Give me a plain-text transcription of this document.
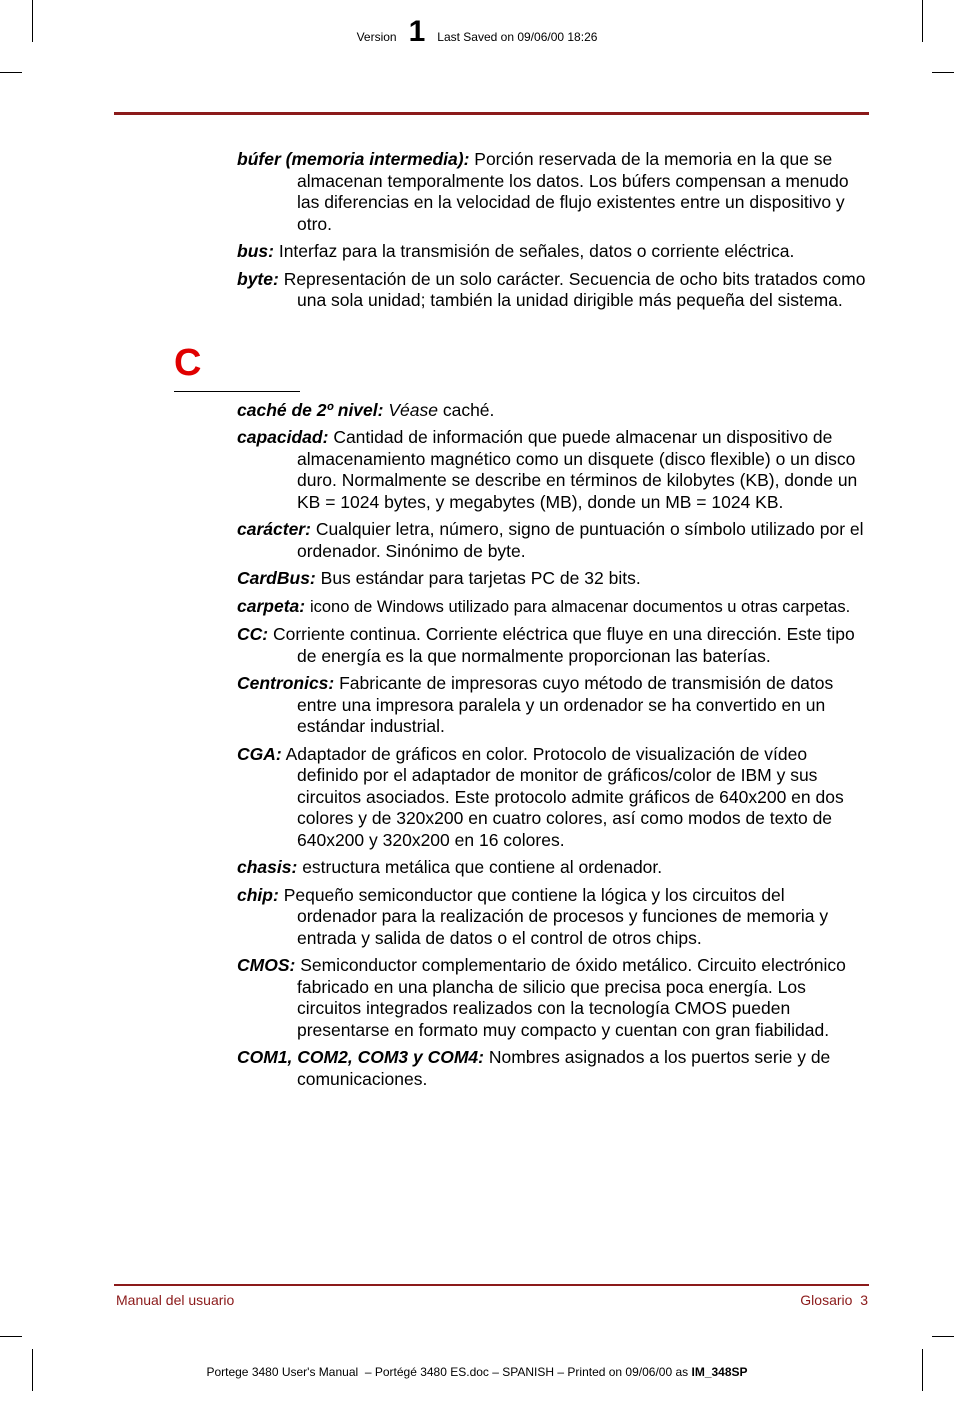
Version 1 Last Saved on 09/06/00 18:26

búfer (memoria intermedia): Porción reservada de la memoria en la que se almacenan temporalmente los datos. Los búfers compensan a menudo las diferencias en la velocidad de flujo existentes entre un dispositivo y otro.

bus: Interfaz para la transmisión de señales, datos o corriente eléctrica.

byte: Representación de un solo carácter. Secuencia de ocho bits tratados como una sola unidad; también la unidad dirigible más pequeña del sistema.

C

caché de 2º nivel: Véase caché.

capacidad: Cantidad de información que puede almacenar un dispositivo de almacenamiento magnético como un disquete (disco flexible) o un disco duro. Normalmente se describe en términos de kilobytes (KB), donde un KB = 1024 bytes, y megabytes (MB), donde un MB = 1024 KB.

carácter: Cualquier letra, número, signo de puntuación o símbolo utilizado por el ordenador. Sinónimo de byte.

CardBus: Bus estándar para tarjetas PC de 32 bits.

carpeta: icono de Windows utilizado para almacenar documentos u otras carpetas.

CC: Corriente continua. Corriente eléctrica que fluye en una dirección. Este tipo de energía es la que normalmente proporcionan las baterías.

Centronics: Fabricante de impresoras cuyo método de transmisión de datos entre una impresora paralela y un ordenador se ha convertido en un estándar industrial.

CGA: Adaptador de gráficos en color. Protocolo de visualización de vídeo definido por el adaptador de monitor de gráficos/color de IBM y sus circuitos asociados. Este protocolo admite gráficos de 640x200 en dos colores y de 320x200 en cuatro colores, así como modos de texto de 640x200 y 320x200 en 16 colores.

chasis: estructura metálica que contiene al ordenador.

chip: Pequeño semiconductor que contiene la lógica y los circuitos del ordenador para la realización de procesos y funciones de memoria y entrada y salida de datos o el control de otros chips.

CMOS: Semiconductor complementario de óxido metálico. Circuito electrónico fabricado en una plancha de silicio que precisa poca energía. Los circuitos integrados realizados con la tecnología CMOS pueden presentarse en formato muy compacto y cuentan con gran fiabilidad.

COM1, COM2, COM3 y COM4: Nombres asignados a los puertos serie y de comunicaciones.

Manual del usuario	Glosario  3
Portege 3480 User's Manual  – Portégé 3480 ES.doc – SPANISH – Printed on 09/06/00 as IM_348SP
